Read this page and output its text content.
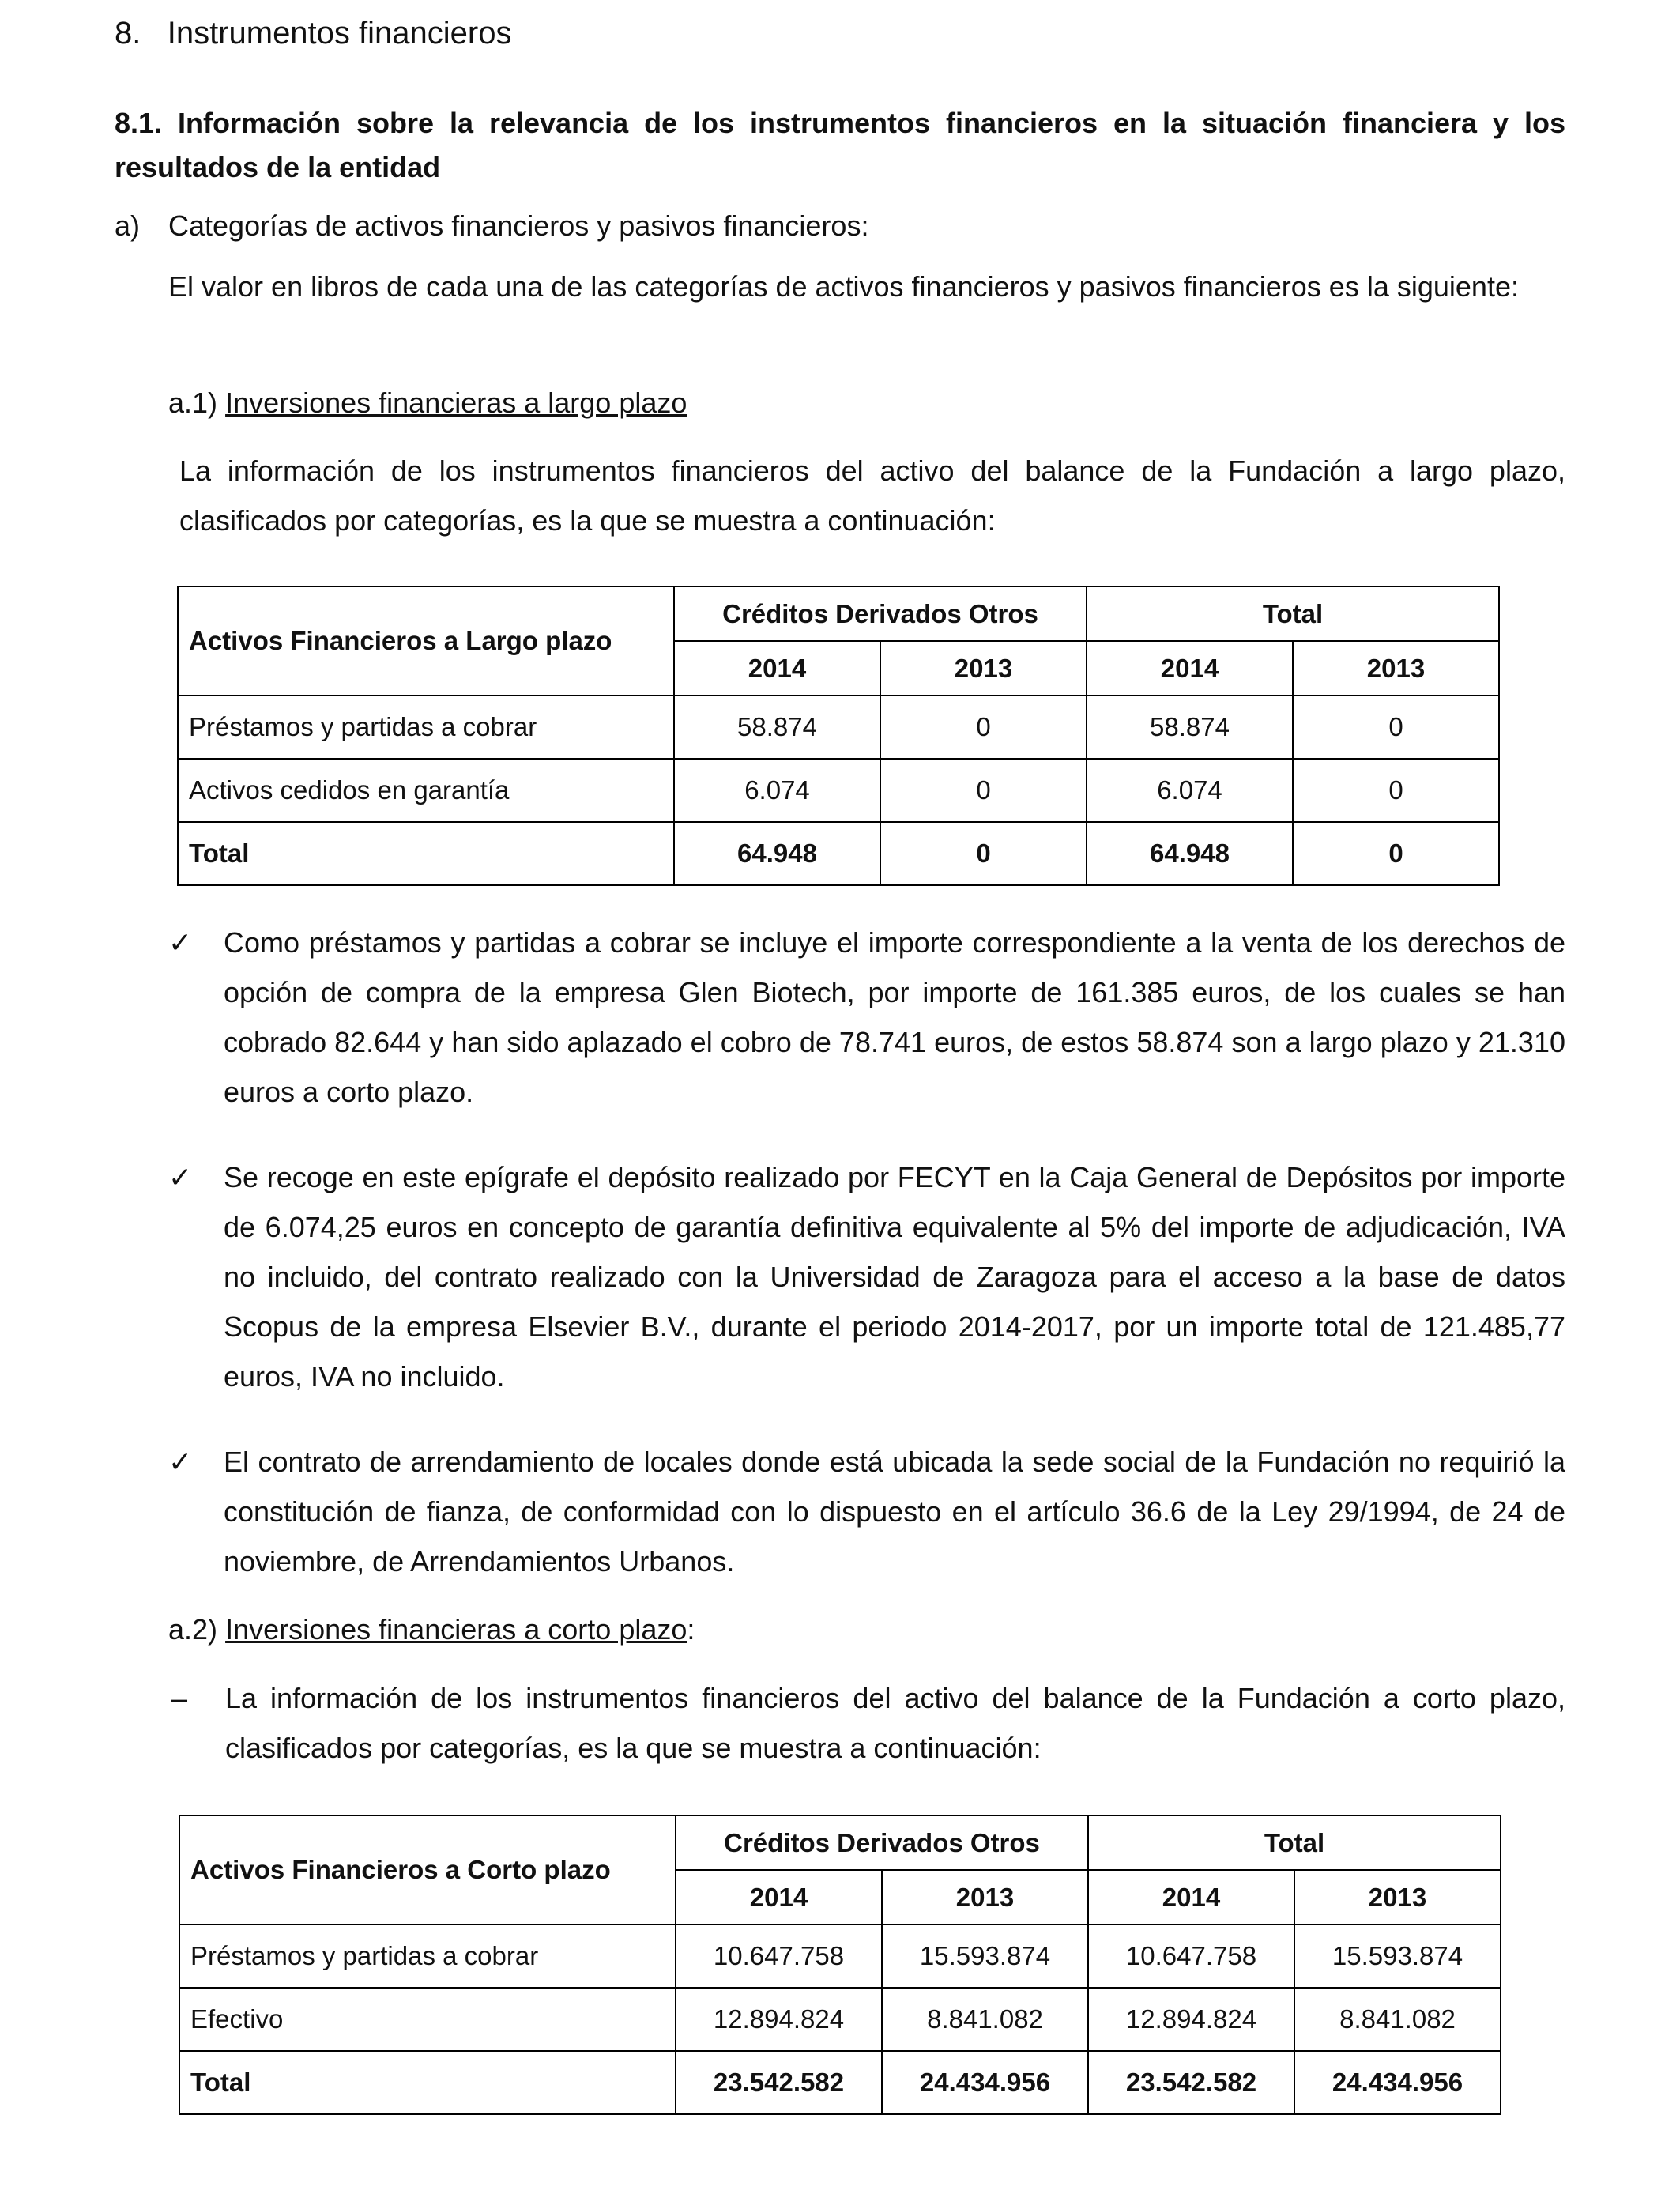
8. Instrumentos financieros
8.1. Información sobre la relevancia de los instrumentos financieros en la situación financiera y los resultados de la entidad
a) Categorías de activos financieros y pasivos financieros:
El valor en libros de cada una de las categorías de activos financieros y pasivos financieros es la siguiente:
a.1) Inversiones financieras a largo plazo
La información de los instrumentos financieros del activo del balance de la Fundación a largo plazo, clasificados por categorías, es la que se muestra a continuación:
Activos Financieros a Largo plazo	Créditos Derivados Otros		Total	
	2014	2013	2014	2013
Préstamos y partidas a cobrar	58.874	0	58.874	0
Activos cedidos en garantía	6.074	0	6.074	0
Total	64.948	0	64.948	0
✓ Como préstamos y partidas a cobrar se incluye el importe correspondiente a la venta de los derechos de opción de compra de la empresa Glen Biotech, por importe de 161.385 euros, de los cuales se han cobrado 82.644 y han sido aplazado el cobro de 78.741 euros, de estos 58.874 son a largo plazo y 21.310 euros a corto plazo.
✓ Se recoge en este epígrafe el depósito realizado por FECYT en la Caja General de Depósitos por importe de 6.074,25 euros en concepto de garantía definitiva equivalente al 5% del importe de adjudicación, IVA no incluido, del contrato realizado con la Universidad de Zaragoza para el acceso a la base de datos Scopus de la empresa Elsevier B.V., durante el periodo 2014-2017, por un importe total de 121.485,77 euros, IVA no incluido.
✓ El contrato de arrendamiento de locales donde está ubicada la sede social de la Fundación no requirió la constitución de fianza, de conformidad con lo dispuesto en el artículo 36.6 de la Ley 29/1994, de 24 de noviembre, de Arrendamientos Urbanos.
a.2) Inversiones financieras a corto plazo:
– La información de los instrumentos financieros del activo del balance de la Fundación a corto plazo, clasificados por categorías, es la que se muestra a continuación:
Activos Financieros a Corto plazo	Créditos Derivados Otros		Total	
	2014	2013	2014	2013
Préstamos y partidas a cobrar	10.647.758	15.593.874	10.647.758	15.593.874
Efectivo	12.894.824	8.841.082	12.894.824	8.841.082
Total	23.542.582	24.434.956	23.542.582	24.434.956
